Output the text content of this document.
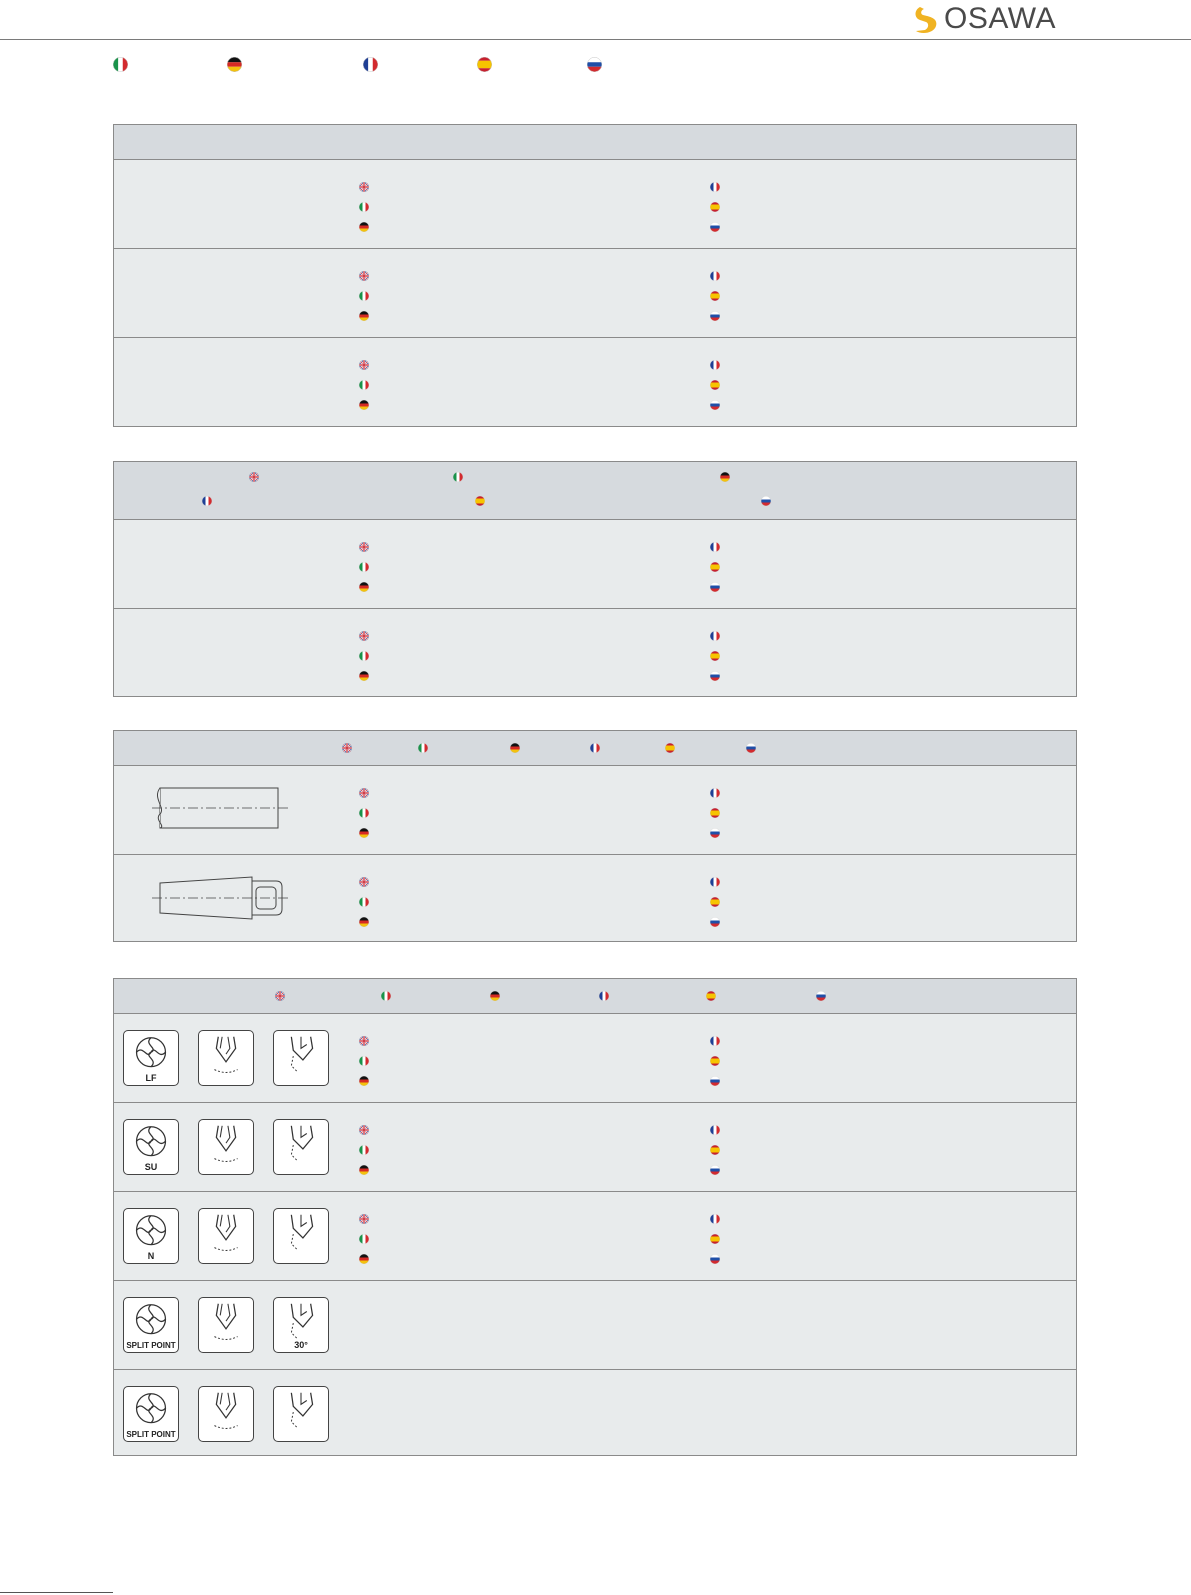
OSAWA
LF
SU
N
SPLIT POINT	30°
SPLIT POINT
